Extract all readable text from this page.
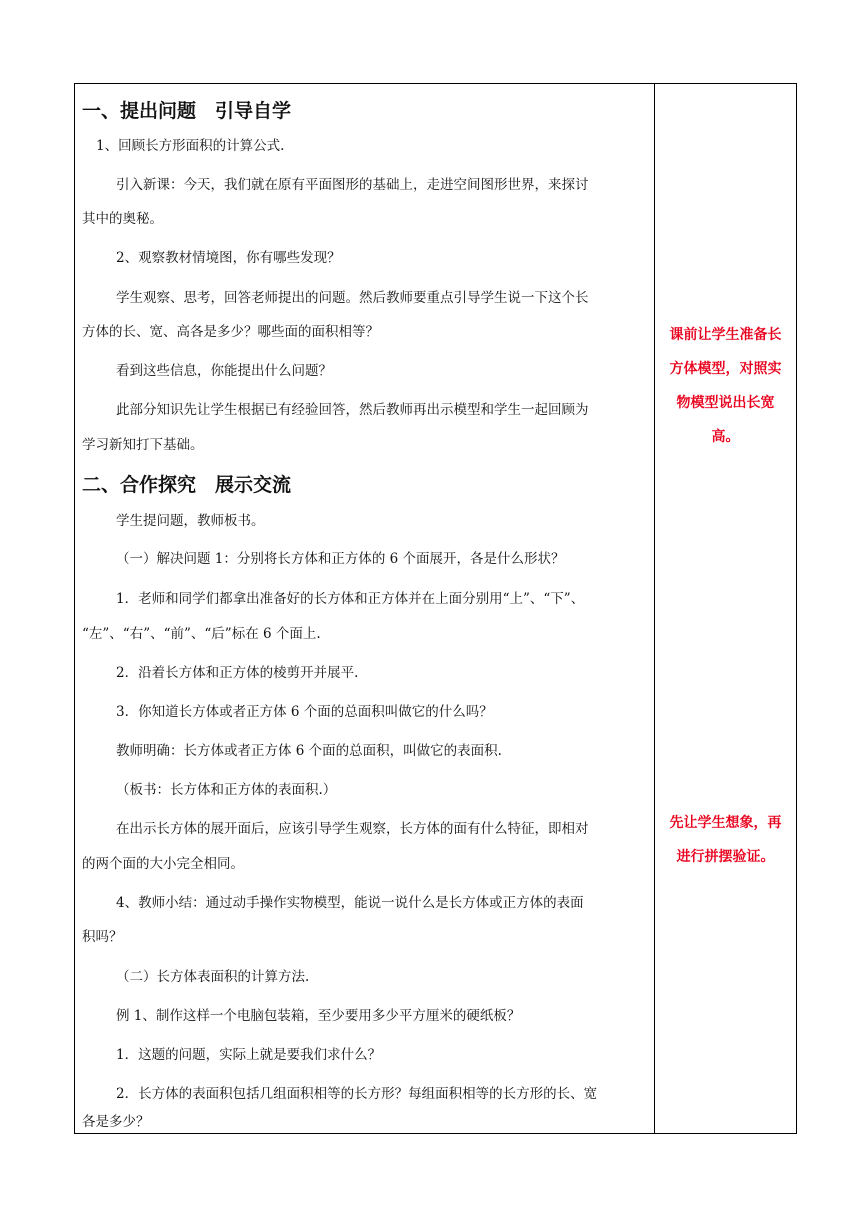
一、提出问题　引导自学
1、回顾长方形面积的计算公式.
引入新课：今天，我们就在原有平面图形的基础上，走进空间图形世界，来探讨
其中的奥秘。
2、观察教材情境图，你有哪些发现？
学生观察、思考，回答老师提出的问题。然后教师要重点引导学生说一下这个长
方体的长、宽、高各是多少？哪些面的面积相等？
看到这些信息，你能提出什么问题？
此部分知识先让学生根据已有经验回答，然后教师再出示模型和学生一起回顾为
学习新知打下基础。
二、合作探究　展示交流
学生提问题，教师板书。
（一）解决问题 1：分别将长方体和正方体的 6 个面展开，各是什么形状？
1．老师和同学们都拿出准备好的长方体和正方体并在上面分别用“上”、“下”、
“左”、“右”、“前”、“后”标在 6 个面上.
2．沿着长方体和正方体的棱剪开并展平.
3．你知道长方体或者正方体 6 个面的总面积叫做它的什么吗？
教师明确：长方体或者正方体 6 个面的总面积，叫做它的表面积.
（板书：长方体和正方体的表面积.）
在出示长方体的展开面后，应该引导学生观察，长方体的面有什么特征，即相对
的两个面的大小完全相同。
4、教师小结：通过动手操作实物模型，能说一说什么是长方体或正方体的表面
积吗？
（二）长方体表面积的计算方法.
例 1、制作这样一个电脑包装箱，至少要用多少平方厘米的硬纸板？
1．这题的问题，实际上就是要我们求什么？
2．长方体的表面积包括几组面积相等的长方形？每组面积相等的长方形的长、宽
各是多少？
课前让学生准备长
方体模型，对照实
物模型说出长宽
高。
先让学生想象，再
进行拼摆验证。
